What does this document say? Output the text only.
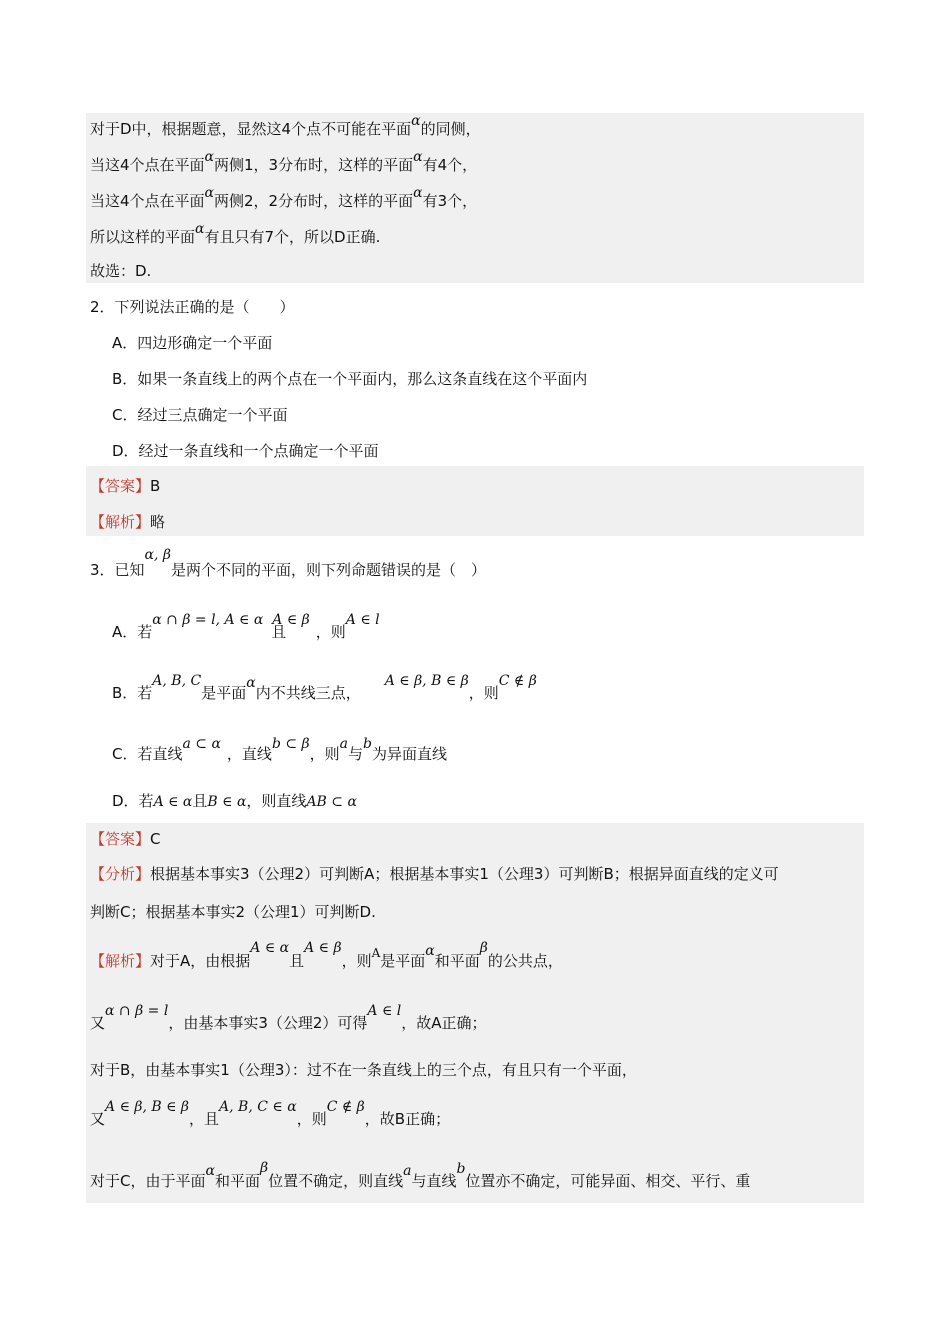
对于D中，根据题意，显然这4个点不可能在平面α的同侧，
当这4个点在平面α两侧1，3分布时，这样的平面α有4个，
当这4个点在平面α两侧2，2分布时，这样的平面α有3个，
所以这样的平面α有且只有7个，所以D正确.
故选：D.
2．下列说法正确的是（　　）
A．四边形确定一个平面
B．如果一条直线上的两个点在一个平面内，那么这条直线在这个平面内
C．经过三点确定一个平面
D．经过一条直线和一个点确定一个平面
【答案】B
【解析】略
3．已知α, β是两个不同的平面，则下列命题错误的是（　）
A．若α ∩ β = l, A ∈ α且A ∈ β，则A ∈ l
B．若A, B, C是平面α内不共线三点，A ∈ β, B ∈ β，则C ∉ β
C．若直线a ⊂ α，直线b ⊂ β，则a与b为异面直线
D．若A ∈ α且B ∈ α，则直线AB ⊂ α
【答案】C
【分析】根据基本事实3（公理2）可判断A；根据基本事实1（公理3）可判断B；根据异面直线的定义可
判断C；根据基本事实2（公理1）可判断D.
【解析】对于A，由根据A ∈ α且A ∈ β，则$^A$是平面α和平面β的公共点，
又α ∩ β = l，由基本事实3（公理2）可得A ∈ l，故A正确；
对于B，由基本事实1（公理3）：过不在一条直线上的三个点，有且只有一个平面，
又A ∈ β, B ∈ β，且A, B, C ∈ α，则C ∉ β，故B正确；
对于C，由于平面α和平面β位置不确定，则直线a与直线b位置亦不确定，可能异面、相交、平行、重
